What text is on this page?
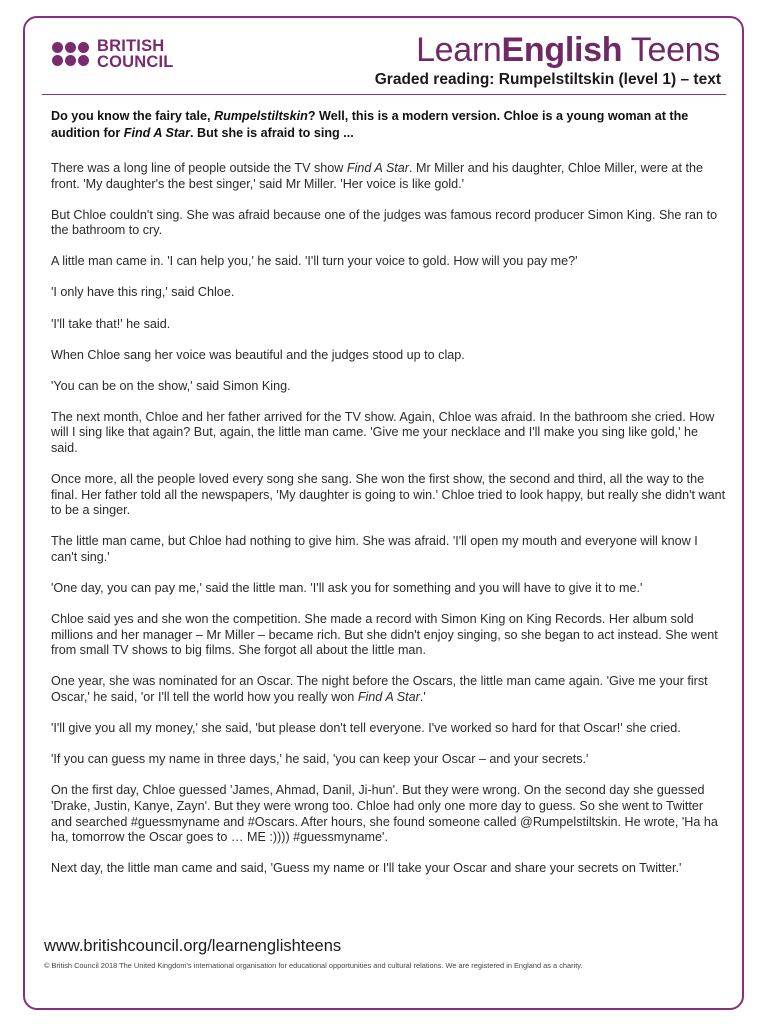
BRITISH
COUNCIL	LearnEnglish Teens
Graded reading: Rumpelstiltskin (level 1) – text

Do you know the fairy tale, Rumpelstiltskin? Well, this is a modern version. Chloe is a young woman at the audition for Find A Star. But she is afraid to sing ...

There was a long line of people outside the TV show Find A Star. Mr Miller and his daughter, Chloe Miller, were at the front. 'My daughter's the best singer,' said Mr Miller. 'Her voice is like gold.'

But Chloe couldn't sing. She was afraid because one of the judges was famous record producer Simon King. She ran to the bathroom to cry.

A little man came in. 'I can help you,' he said. 'I'll turn your voice to gold. How will you pay me?'

'I only have this ring,' said Chloe.

'I'll take that!' he said.

When Chloe sang her voice was beautiful and the judges stood up to clap.

'You can be on the show,' said Simon King.

The next month, Chloe and her father arrived for the TV show. Again, Chloe was afraid. In the bathroom she cried. How will I sing like that again? But, again, the little man came. 'Give me your necklace and I'll make you sing like gold,' he said.

Once more, all the people loved every song she sang. She won the first show, the second and third, all the way to the final. Her father told all the newspapers, 'My daughter is going to win.' Chloe tried to look happy, but really she didn't want to be a singer.

The little man came, but Chloe had nothing to give him. She was afraid. 'I'll open my mouth and everyone will know I can't sing.'

'One day, you can pay me,' said the little man. 'I'll ask you for something and you will have to give it to me.'

Chloe said yes and she won the competition. She made a record with Simon King on King Records. Her album sold millions and her manager – Mr Miller – became rich. But she didn't enjoy singing, so she began to act instead. She went from small TV shows to big films. She forgot all about the little man.

One year, she was nominated for an Oscar. The night before the Oscars, the little man came again. 'Give me your first Oscar,' he said, 'or I'll tell the world how you really won Find A Star.'

'I'll give you all my money,' she said, 'but please don't tell everyone. I've worked so hard for that Oscar!' she cried.

'If you can guess my name in three days,' he said, 'you can keep your Oscar – and your secrets.'

On the first day, Chloe guessed 'James, Ahmad, Danil, Ji-hun'. But they were wrong. On the second day she guessed 'Drake, Justin, Kanye, Zayn'. But they were wrong too. Chloe had only one more day to guess. So she went to Twitter and searched #guessmyname and #Oscars. After hours, she found someone called @Rumpelstiltskin. He wrote, 'Ha ha ha, tomorrow the Oscar goes to … ME :)))) #guessmyname'.

Next day, the little man came and said, 'Guess my name or I'll take your Oscar and share your secrets on Twitter.'

www.britishcouncil.org/learnenglishteens
© British Council 2018 The United Kingdom's international organisation for educational opportunities and cultural relations. We are registered in England as a charity.
